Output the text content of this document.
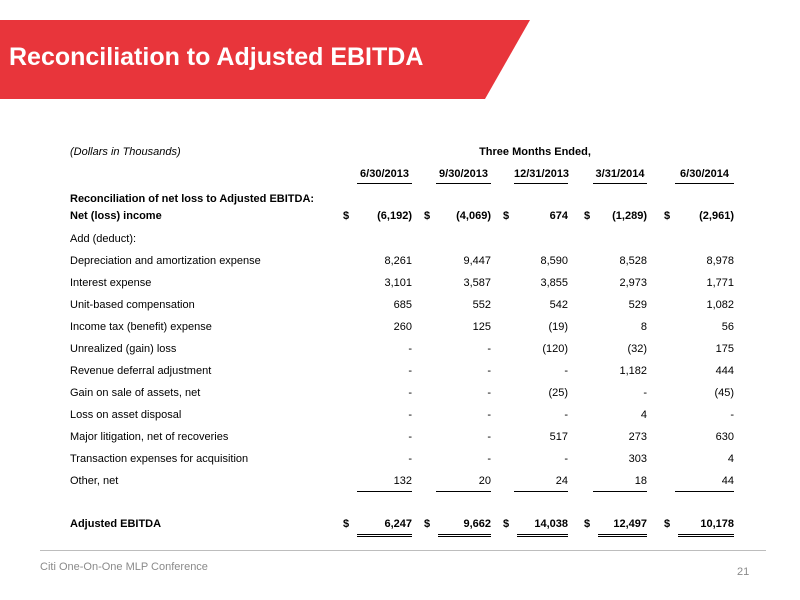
Reconciliation to Adjusted EBITDA
(Dollars in Thousands)	Three Months Ended,
6/30/2013	9/30/2013 12/31/2013 3/31/2014	6/30/2014
Reconciliation of net loss to Adjusted EBITDA:
Net (loss) income	$	(6,192) $ (4,069) $	674 $ (1,289) $	(2,961)
Add (deduct):
Depreciation and amortization expense	8,261	9,447	8,590	8,528	8,978
Interest expense	3,101	3,587	3,855	2,973	1,771
Unit-based compensation	685	552	542	529	1,082
Income tax (benefit) expense	260	125	(19)	8	56
Unrealized (gain) loss	-	-	(120)	(32)	175
Revenue deferral adjustment	-	-	-	1,182	444
Gain on sale of assets, net	-	-	(25)	-	(45)
Loss on asset disposal	-	-	-	4	-
Major litigation, net of recoveries	-	-	517	273	630
Transaction expenses for acquisition	-	-	-	303	4
Other, net	132	20	24	18	44
Adjusted EBITDA	$	6,247 $	9,662 $ 14,038 $ 12,497 $	10,178
Citi One-On-One MLP Conference	21
